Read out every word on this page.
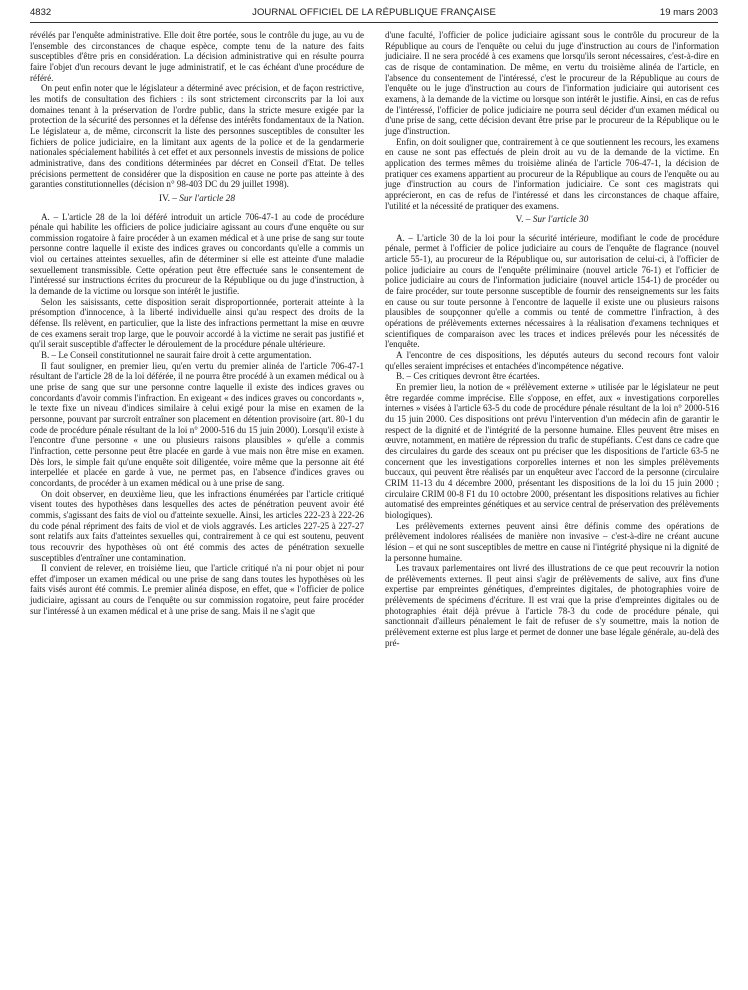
4832	JOURNAL OFFICIEL DE LA RÉPUBLIQUE FRANÇAISE	19 mars 2003

révélés par l'enquête administrative. Elle doit être portée, sous le contrôle du juge, au vu de l'ensemble des circonstances de chaque espèce, compte tenu de la nature des faits susceptibles d'être pris en considération. La décision administrative qui en résulte pourra faire l'objet d'un recours devant le juge administratif, et le cas échéant d'une procédure de référé.

On peut enfin noter que le législateur a déterminé avec précision, et de façon restrictive, les motifs de consultation des fichiers : ils sont strictement circonscrits par la loi aux domaines tenant à la préservation de l'ordre public, dans la stricte mesure exigée par la protection de la sécurité des personnes et la défense des intérêts fondamentaux de la Nation. Le législateur a, de même, circonscrit la liste des personnes susceptibles de consulter les fichiers de police judiciaire, en la limitant aux agents de la police et de la gendarmerie nationales spécialement habilités à cet effet et aux personnels investis de missions de police administrative, dans des conditions déterminées par décret en Conseil d'Etat. De telles précisions permettent de considérer que la disposition en cause ne porte pas atteinte à des garanties constitutionnelles (décision n° 98-403 DC du 29 juillet 1998).

IV. – Sur l'article 28

A. – L'article 28 de la loi déféré introduit un article 706-47-1 au code de procédure pénale qui habilite les officiers de police judiciaire agissant au cours d'une enquête ou sur commission rogatoire à faire procéder à un examen médical et à une prise de sang sur toute personne contre laquelle il existe des indices graves ou concordants qu'elle a commis un viol ou certaines atteintes sexuelles, afin de déterminer si elle est atteinte d'une maladie sexuellement transmissible. Cette opération peut être effectuée sans le consentement de l'intéressé sur instructions écrites du procureur de la République ou du juge d'instruction, à la demande de la victime ou lorsque son intérêt le justifie.

Selon les saisissants, cette disposition serait disproportionnée, porterait atteinte à la présomption d'innocence, à la liberté individuelle ainsi qu'au respect des droits de la défense. Ils relèvent, en particulier, que la liste des infractions permettant la mise en œuvre de ces examens serait trop large, que le pouvoir accordé à la victime ne serait pas justifié et qu'il serait susceptible d'affecter le déroulement de la procédure pénale ultérieure.

B. – Le Conseil constitutionnel ne saurait faire droit à cette argumentation.

Il faut souligner, en premier lieu, qu'en vertu du premier alinéa de l'article 706-47-1 résultant de l'article 28 de la loi déférée, il ne pourra être procédé à un examen médical ou à une prise de sang que sur une personne contre laquelle il existe des indices graves ou concordants d'avoir commis l'infraction. En exigeant « des indices graves ou concordants », le texte fixe un niveau d'indices similaire à celui exigé pour la mise en examen de la personne, pouvant par surcroît entraîner son placement en détention provisoire (art. 80-1 du code de procédure pénale résultant de la loi n° 2000-516 du 15 juin 2000). Lorsqu'il existe à l'encontre d'une personne « une ou plusieurs raisons plausibles » qu'elle a commis l'infraction, cette personne peut être placée en garde à vue mais non être mise en examen. Dès lors, le simple fait qu'une enquête soit diligentée, voire même que la personne ait été interpellée et placée en garde à vue, ne permet pas, en l'absence d'indices graves ou concordants, de procéder à un examen médical ou à une prise de sang.

On doit observer, en deuxième lieu, que les infractions énumérées par l'article critiqué visent toutes des hypothèses dans lesquelles des actes de pénétration peuvent avoir été commis, s'agissant des faits de viol ou d'atteinte sexuelle. Ainsi, les articles 222-23 à 222-26 du code pénal répriment des faits de viol et de viols aggravés. Les articles 227-25 à 227-27 sont relatifs aux faits d'atteintes sexuelles qui, contrairement à ce qui est soutenu, peuvent tous recouvrir des hypothèses où ont été commis des actes de pénétration sexuelle susceptibles d'entraîner une contamination.

Il convient de relever, en troisième lieu, que l'article critiqué n'a ni pour objet ni pour effet d'imposer un examen médical ou une prise de sang dans toutes les hypothèses où les faits visés auront été commis. Le premier alinéa dispose, en effet, que « l'officier de police judiciaire, agissant au cours de l'enquête ou sur commission rogatoire, peut faire procéder sur l'intéressé à un examen médical et à une prise de sang. Mais il ne s'agit que

d'une faculté, l'officier de police judiciaire agissant sous le contrôle du procureur de la République au cours de l'enquête ou celui du juge d'instruction au cours de l'information judiciaire. Il ne sera procédé à ces examens que lorsqu'ils seront nécessaires, c'est-à-dire en cas de risque de contamination. De même, en vertu du troisième alinéa de l'article, en l'absence du consentement de l'intéressé, c'est le procureur de la République au cours de l'enquête ou le juge d'instruction au cours de l'information judiciaire qui autorisent ces examens, à la demande de la victime ou lorsque son intérêt le justifie. Ainsi, en cas de refus de l'intéressé, l'officier de police judiciaire ne pourra seul décider d'un examen médical ou d'une prise de sang, cette décision devant être prise par le procureur de la République ou le juge d'instruction.

Enfin, on doit souligner que, contrairement à ce que soutiennent les recours, les examens en cause ne sont pas effectués de plein droit au vu de la demande de la victime. En application des termes mêmes du troisième alinéa de l'article 706-47-1, la décision de pratiquer ces examens appartient au procureur de la République au cours de l'enquête ou au juge d'instruction au cours de l'information judiciaire. Ce sont ces magistrats qui apprécieront, en cas de refus de l'intéressé et dans les circonstances de chaque affaire, l'utilité et la nécessité de pratiquer des examens.

V. – Sur l'article 30

A. – L'article 30 de la loi pour la sécurité intérieure, modifiant le code de procédure pénale, permet à l'officier de police judiciaire au cours de l'enquête de flagrance (nouvel article 55-1), au procureur de la République ou, sur autorisation de celui-ci, à l'officier de police judiciaire au cours de l'enquête préliminaire (nouvel article 76-1) et l'officier de police judiciaire au cours de l'information judiciaire (nouvel article 154-1) de procéder ou de faire procéder, sur toute personne susceptible de fournir des renseignements sur les faits en cause ou sur toute personne à l'encontre de laquelle il existe une ou plusieurs raisons plausibles de soupçonner qu'elle a commis ou tenté de commettre l'infraction, à des opérations de prélèvements externes nécessaires à la réalisation d'examens techniques et scientifiques de comparaison avec les traces et indices prélevés pour les nécessités de l'enquête.

A l'encontre de ces dispositions, les députés auteurs du second recours font valoir qu'elles seraient imprécises et entachées d'incompétence négative.

B. – Ces critiques devront être écartées.

En premier lieu, la notion de « prélèvement externe » utilisée par le législateur ne peut être regardée comme imprécise. Elle s'oppose, en effet, aux « investigations corporelles internes » visées à l'article 63-5 du code de procédure pénale résultant de la loi n° 2000-516 du 15 juin 2000. Ces dispositions ont prévu l'intervention d'un médecin afin de garantir le respect de la dignité et de l'intégrité de la personne humaine. Elles peuvent être mises en œuvre, notamment, en matière de répression du trafic de stupéfiants. C'est dans ce cadre que des circulaires du garde des sceaux ont pu préciser que les dispositions de l'article 63-5 ne concernent que les investigations corporelles internes et non les simples prélèvements buccaux, qui peuvent être réalisés par un enquêteur avec l'accord de la personne (circulaire CRIM 11-13 du 4 décembre 2000, présentant les dispositions de la loi du 15 juin 2000 ; circulaire CRIM 00-8 F1 du 10 octobre 2000, présentant les dispositions relatives au fichier automatisé des empreintes génétiques et au service central de préservation des prélèvements biologiques).

Les prélèvements externes peuvent ainsi être définis comme des opérations de prélèvement indolores réalisées de manière non invasive – c'est-à-dire ne créant aucune lésion – et qui ne sont susceptibles de mettre en cause ni l'intégrité physique ni la dignité de la personne humaine.

Les travaux parlementaires ont livré des illustrations de ce que peut recouvrir la notion de prélèvements externes. Il peut ainsi s'agir de prélèvements de salive, aux fins d'une expertise par empreintes génétiques, d'empreintes digitales, de photographies voire de prélèvements de spécimens d'écriture. Il est vrai que la prise d'empreintes digitales ou de photographies était déjà prévue à l'article 78-3 du code de procédure pénale, qui sanctionnait d'ailleurs pénalement le fait de refuser de s'y soumettre, mais la notion de prélèvement externe est plus large et permet de donner une base légale générale, au-delà des pré-
